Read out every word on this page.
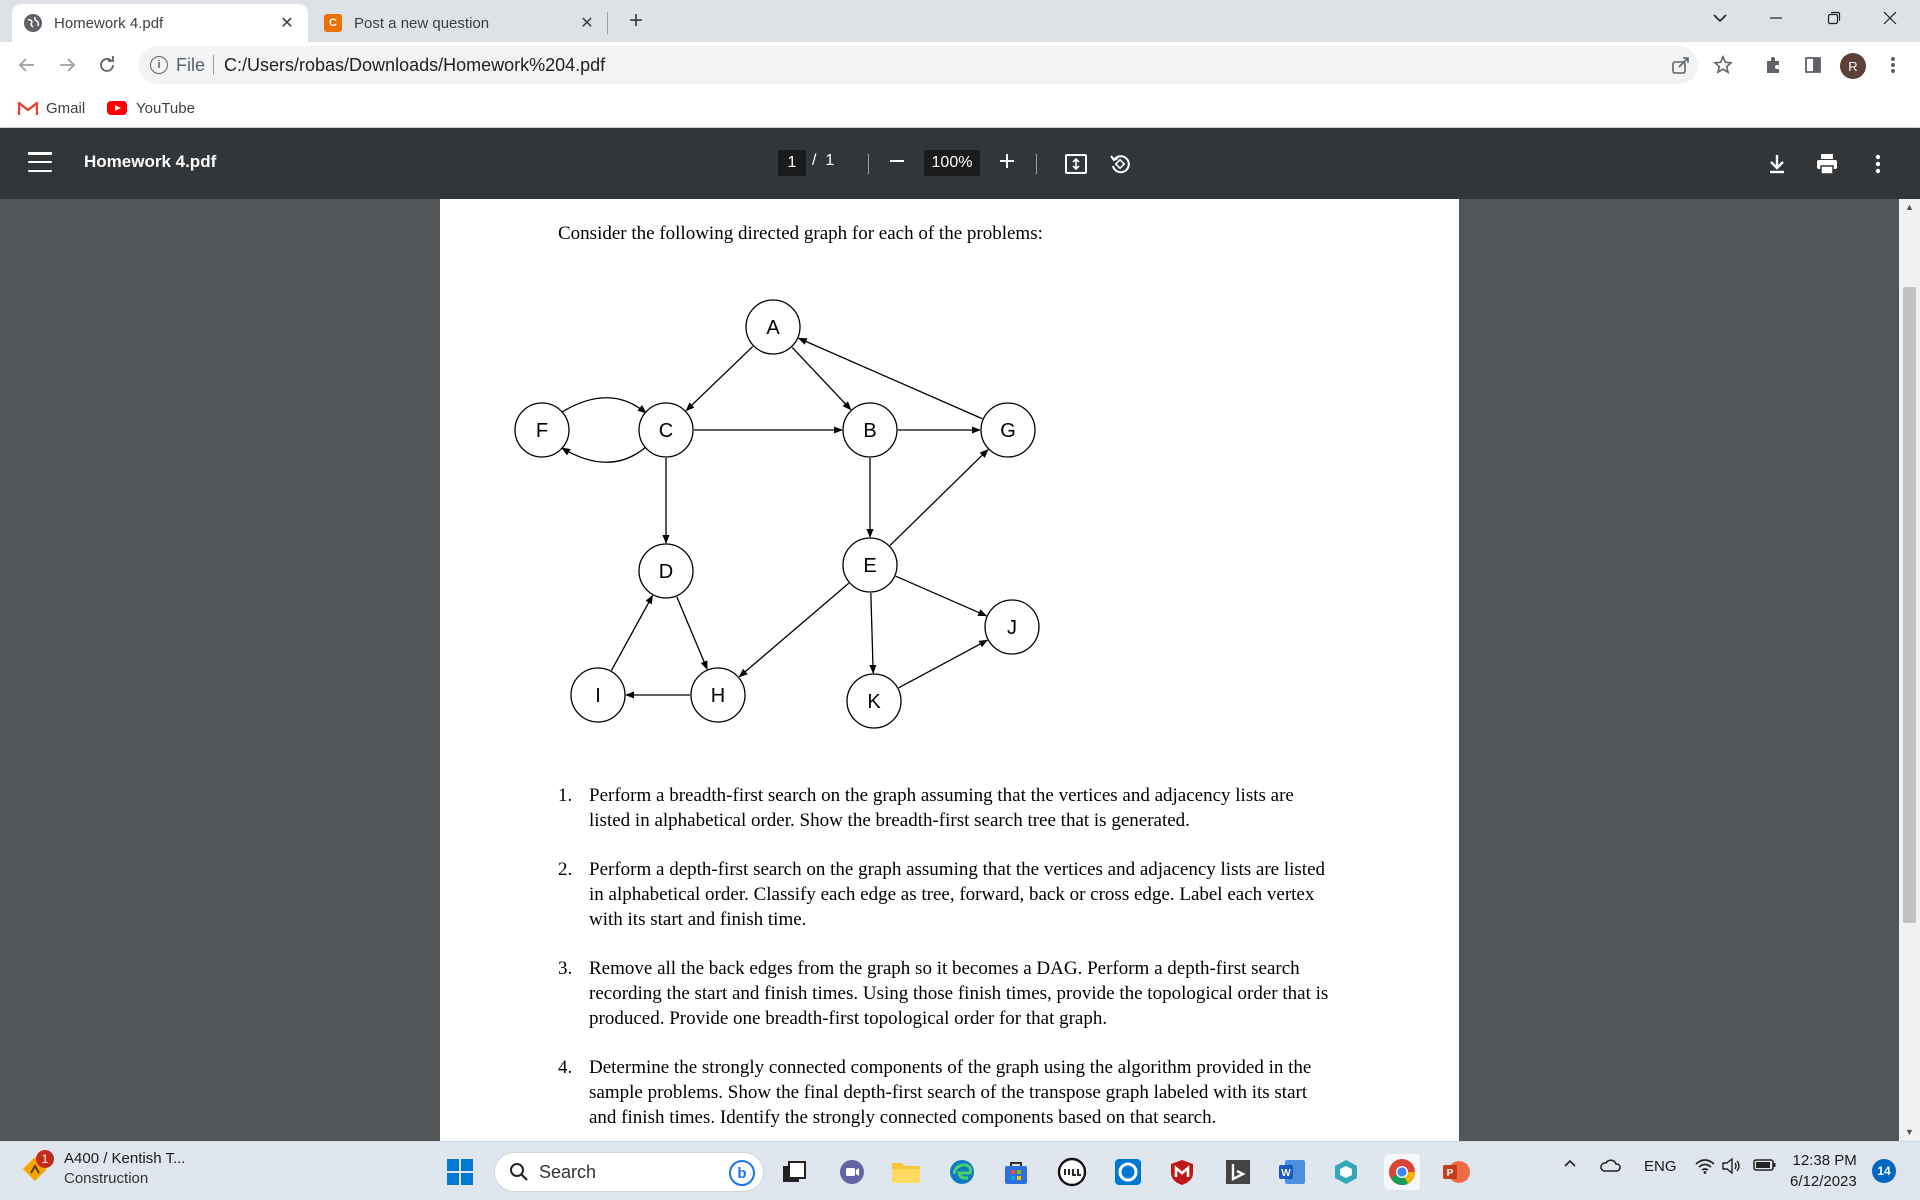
Homework 4.pdf	✕	C	Post a new question	✕ +
i File C:/Users/robas/Downloads/Homework%204.pdf	R
Gmail	YouTube
Homework 4.pdf	1 / 1	100%
Consider the following directed graph for each of the problems:
A
B
C
D	E
F	G
H
I
J
K
1. Perform a breadth-first search on the graph assuming that the vertices and adjacency lists are listed in alphabetical order. Show the breadth-first search tree that is generated.
2. Perform a depth-first search on the graph assuming that the vertices and adjacency lists are listed in alphabetical order. Classify each edge as tree, forward, back or cross edge. Label each vertex with its start and finish time.
3. Remove all the back edges from the graph so it becomes a DAG. Perform a depth-first search recording the start and finish times. Using those finish times, provide the topological order that is produced. Provide one breadth-first topological order for that graph.
4. Determine the strongly connected components of the graph using the algorithm provided in the sample problems. Show the final depth-first search of the transpose graph labeled with its start and finish times. Identify the strongly connected components based on that search.
▲
▼
1	A400 / Kentish T...
Construction	Search	b	W	P	ENG	12:38 PM
6/12/2023
14
